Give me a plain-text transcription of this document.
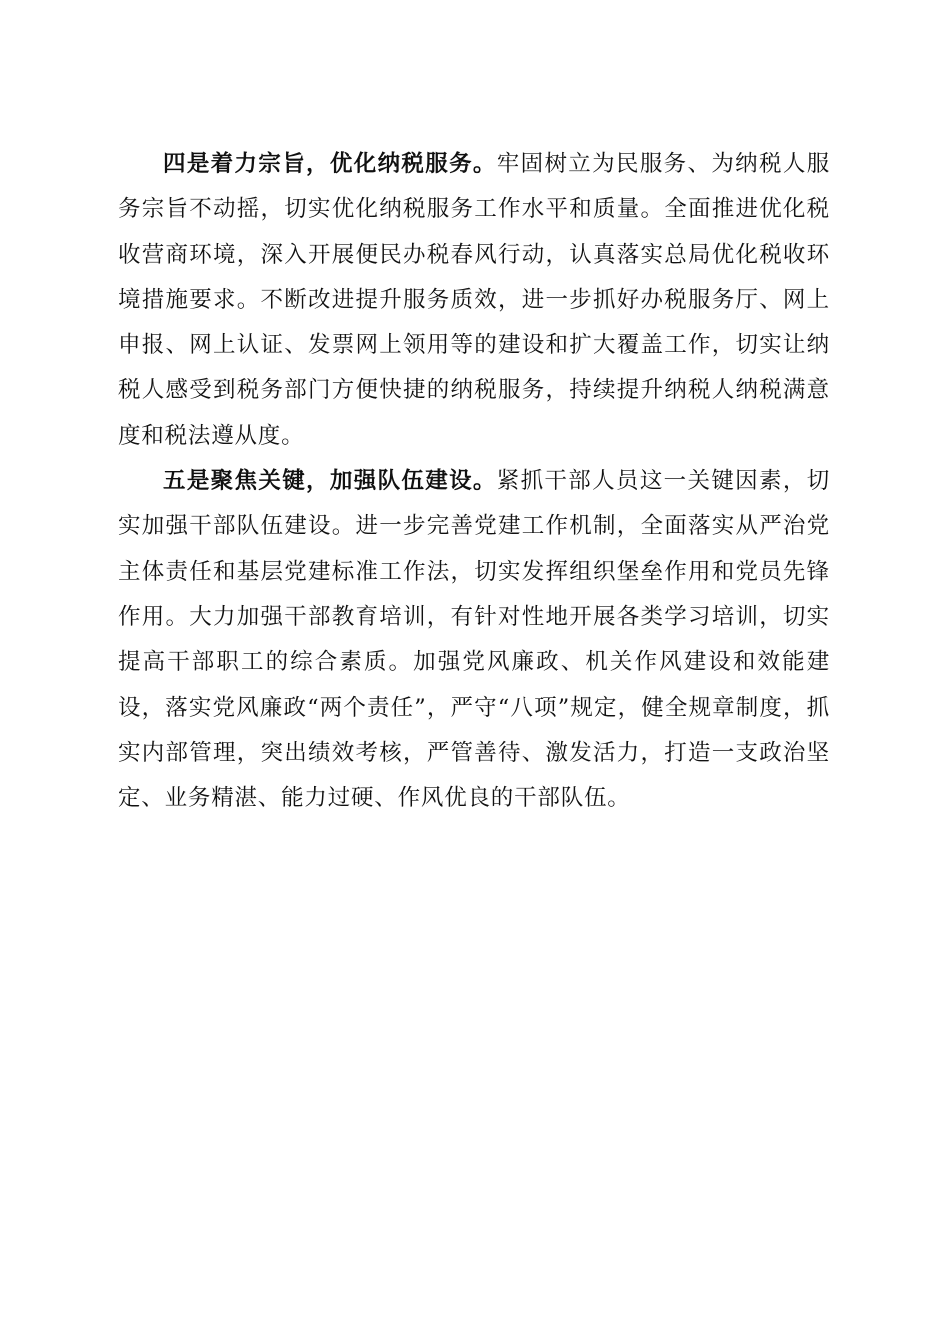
四是着力宗旨，优化纳税服务。牢固树立为民服务、为纳税人服务宗旨不动摇，切实优化纳税服务工作水平和质量。全面推进优化税收营商环境，深入开展便民办税春风行动，认真落实总局优化税收环境措施要求。不断改进提升服务质效，进一步抓好办税服务厅、网上申报、网上认证、发票网上领用等的建设和扩大覆盖工作，切实让纳税人感受到税务部门方便快捷的纳税服务，持续提升纳税人纳税满意度和税法遵从度。

五是聚焦关键，加强队伍建设。紧抓干部人员这一关键因素，切实加强干部队伍建设。进一步完善党建工作机制，全面落实从严治党主体责任和基层党建标准工作法，切实发挥组织堡垒作用和党员先锋作用。大力加强干部教育培训，有针对性地开展各类学习培训，切实提高干部职工的综合素质。加强党风廉政、机关作风建设和效能建设，落实党风廉政“两个责任”，严守“八项”规定，健全规章制度，抓实内部管理，突出绩效考核，严管善待、激发活力，打造一支政治坚定、业务精湛、能力过硬、作风优良的干部队伍。
